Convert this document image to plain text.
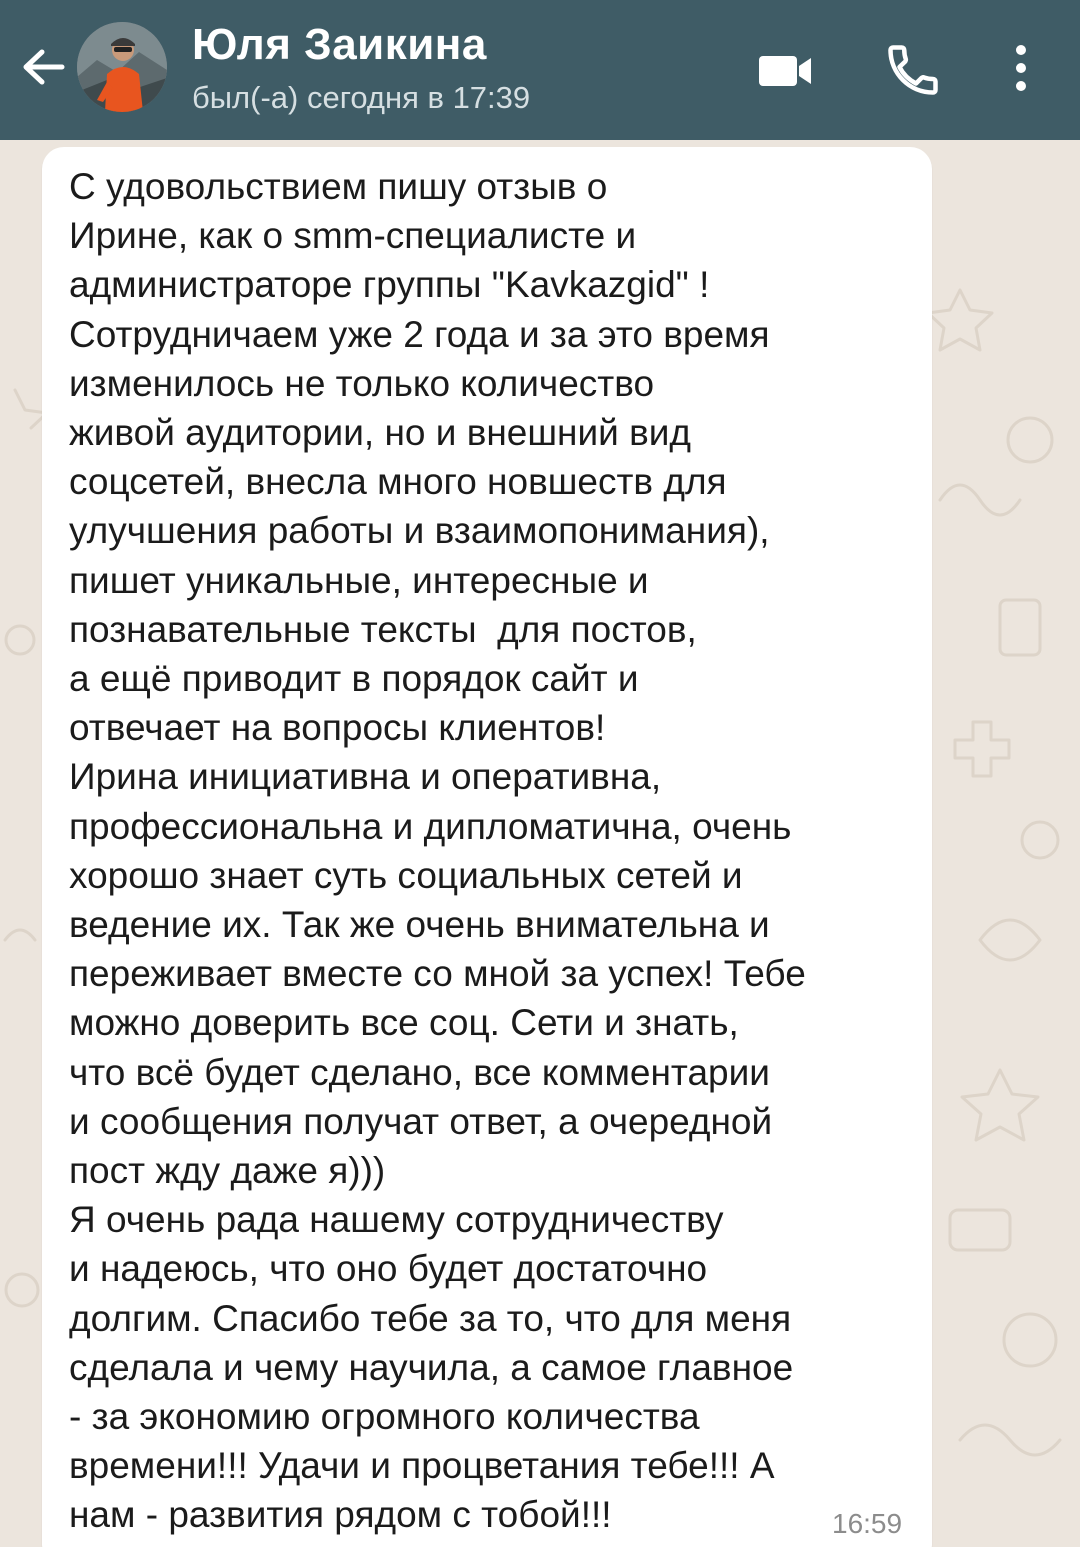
Юля Заикина
был(-а) сегодня в 17:39

С удовольствием пишу отзыв о
Ирине, как о smm-специалисте и
администраторе группы "Kavkazgid" !
Сотрудничаем уже 2 года и за это время
изменилось не только количество
живой аудитории, но и внешний вид
соцсетей, внесла много новшеств для
улучшения работы и взаимопонимания),
пишет уникальные, интересные и
познавательные тексты  для постов,
а ещё приводит в порядок сайт и
отвечает на вопросы клиентов!
Ирина инициативна и оперативна,
профессиональна и дипломатична, очень
хорошо знает суть социальных сетей и
ведение их. Так же очень внимательна и
переживает вместе со мной за успех! Тебе
можно доверить все соц. Сети и знать,
что всё будет сделано, все комментарии
и сообщения получат ответ, а очередной
пост жду даже я)))
Я очень рада нашему сотрудничеству
и надеюсь, что оно будет достаточно
долгим. Спасибо тебе за то, что для меня
сделала и чему научила, а самое главное
- за экономию огромного количества
времени!!! Удачи и процветания тебе!!! А
нам - развития рядом с тобой!!!	16:59
